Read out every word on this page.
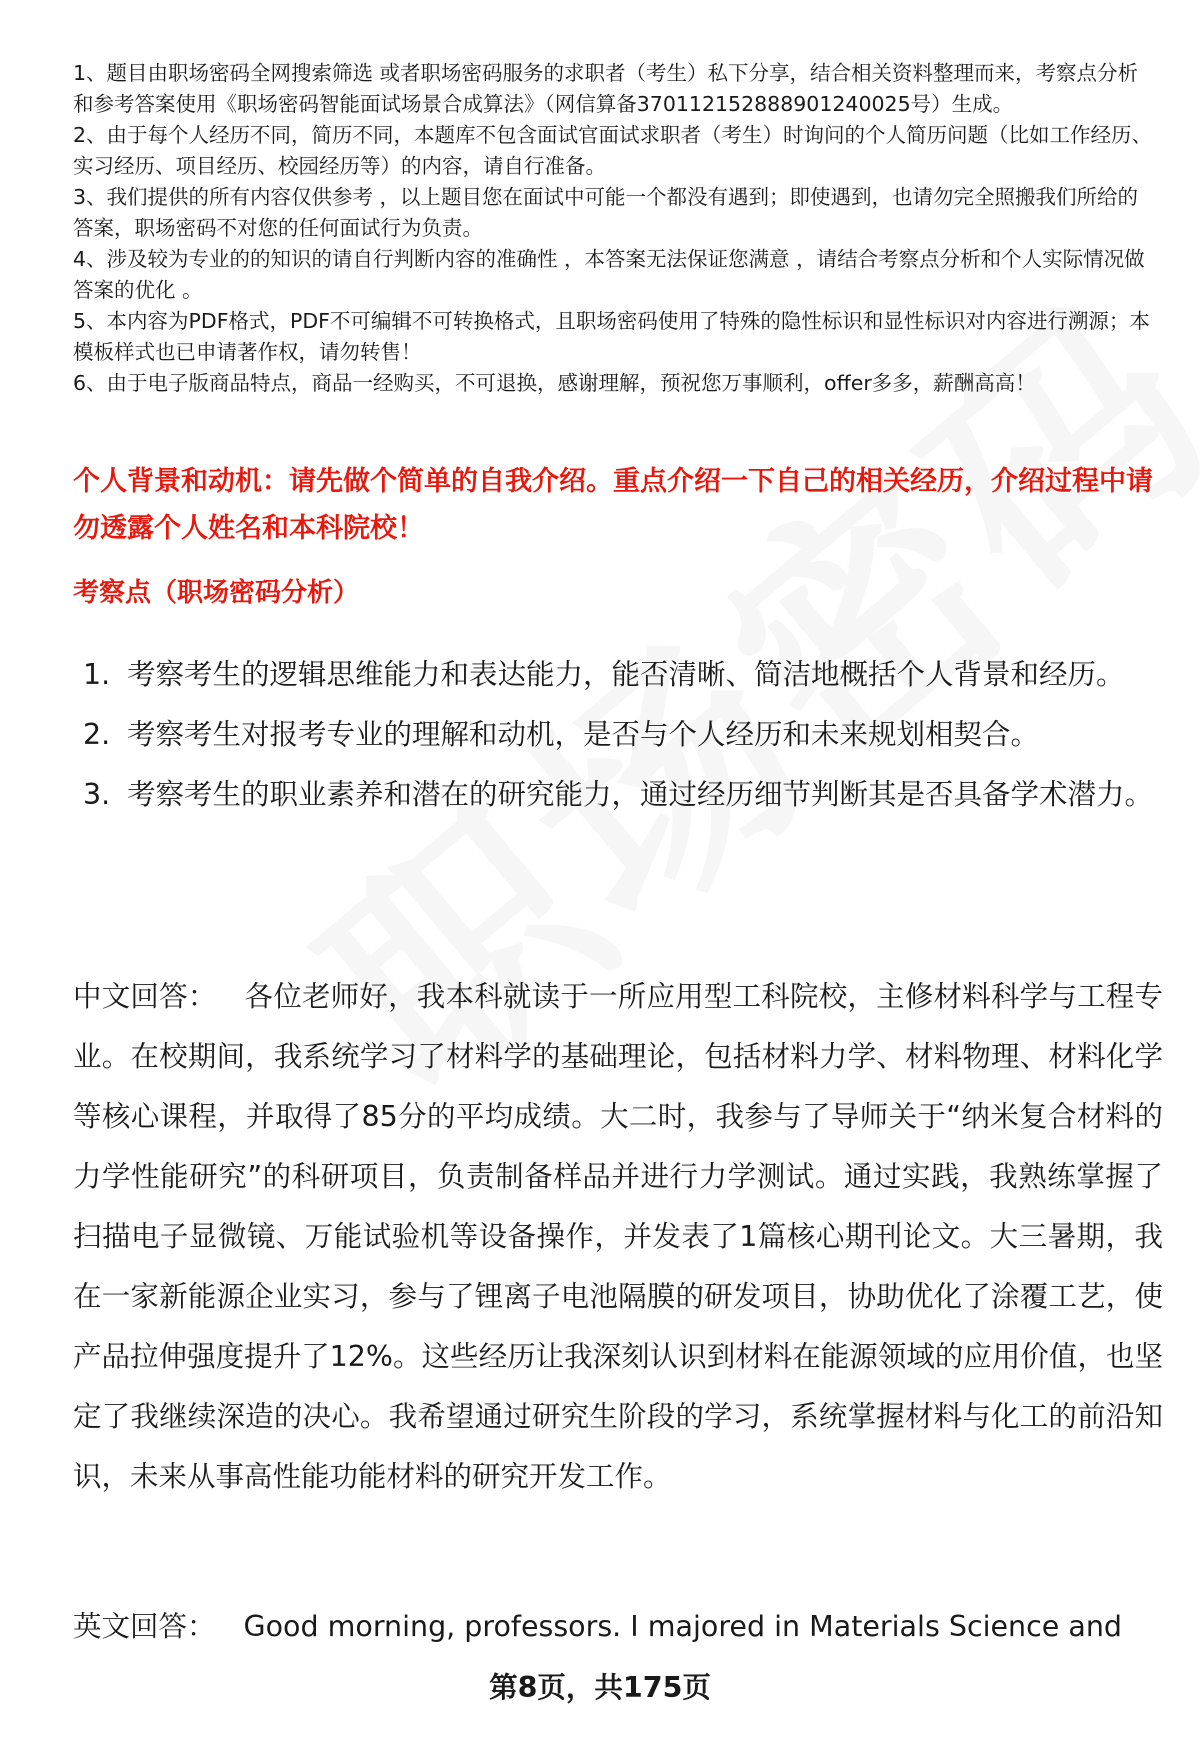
1、题目由职场密码全网搜索筛选 或者职场密码服务的求职者（考生）私下分享，结合相关资料整理而来，考察点分析和参考答案使用《职场密码智能面试场景合成算法》（网信算备370112152888901240025号）生成。

2、由于每个人经历不同，简历不同，本题库不包含面试官面试求职者（考生）时询问的个人简历问题（比如工作经历、实习经历、项目经历、校园经历等）的内容，请自行准备。

3、我们提供的所有内容仅供参考 ，以上题目您在面试中可能一个都没有遇到；即使遇到，也请勿完全照搬我们所给的答案，职场密码不对您的任何面试行为负责。

4、涉及较为专业的的知识的请自行判断内容的准确性 ，本答案无法保证您满意 ，请结合考察点分析和个人实际情况做答案的优化 。

5、本内容为PDF格式，PDF不可编辑不可转换格式，且职场密码使用了特殊的隐性标识和显性标识对内容进行溯源；本模板样式也已申请著作权，请勿转售！

6、由于电子版商品特点，商品一经购买，不可退换，感谢理解，预祝您万事顺利，offer多多，薪酬高高！

个人背景和动机：请先做个简单的自我介绍。重点介绍一下自己的相关经历，介绍过程中请勿透露个人姓名和本科院校！

考察点（职场密码分析）

1. 考察考生的逻辑思维能力和表达能力，能否清晰、简洁地概括个人背景和经历。
2. 考察考生对报考专业的理解和动机，是否与个人经历和未来规划相契合。
3. 考察考生的职业素养和潜在的研究能力，通过经历细节判断其是否具备学术潜力。

中文回答： 各位老师好，我本科就读于一所应用型工科院校，主修材料科学与工程专业。在校期间，我系统学习了材料学的基础理论，包括材料力学、材料物理、材料化学等核心课程，并取得了85分的平均成绩。大二时，我参与了导师关于“纳米复合材料的力学性能研究”的科研项目，负责制备样品并进行力学测试。通过实践，我熟练掌握了扫描电子显微镜、万能试验机等设备操作，并发表了1篇核心期刊论文。大三暑期，我在一家新能源企业实习，参与了锂离子电池隔膜的研发项目，协助优化了涂覆工艺，使产品拉伸强度提升了12%。这些经历让我深刻认识到材料在能源领域的应用价值，也坚定了我继续深造的决心。我希望通过研究生阶段的学习，系统掌握材料与化工的前沿知识，未来从事高性能功能材料的研究开发工作。

英文回答： Good morning, professors. I majored in Materials Science and

第8页，共175页
